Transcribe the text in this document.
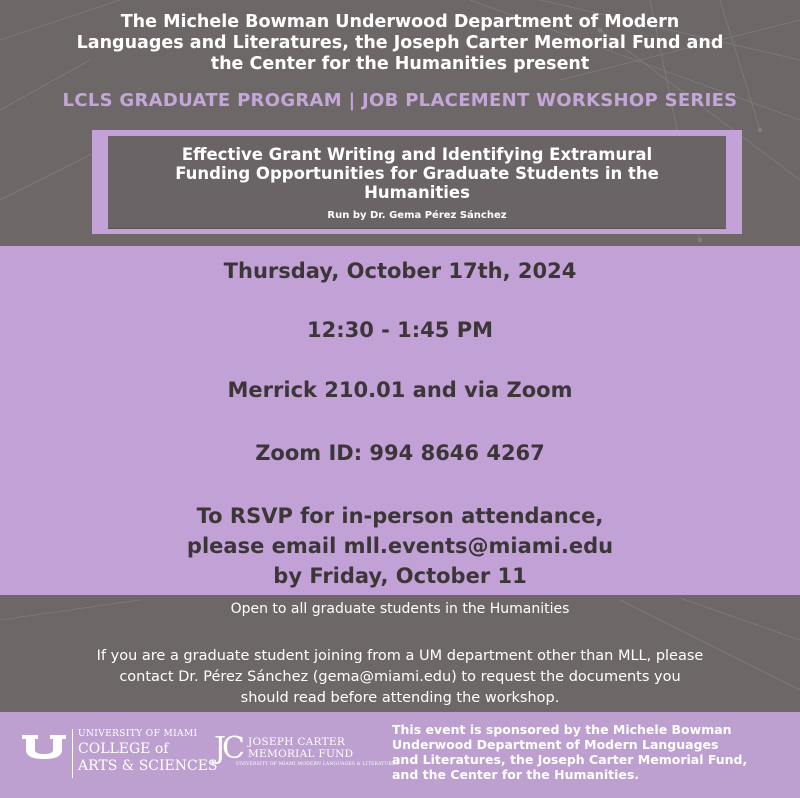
The Michele Bowman Underwood Department of Modern
Languages and Literatures, the Joseph Carter Memorial Fund and
the Center for the Humanities present
LCLS GRADUATE PROGRAM | JOB PLACEMENT WORKSHOP SERIES
Effective Grant Writing and Identifying Extramural
Funding Opportunities for Graduate Students in the
Humanities
Run by Dr. Gema Pérez Sánchez
Thursday, October 17th, 2024
12:30 - 1:45 PM
Merrick 210.01 and via Zoom
Zoom ID: 994 8646 4267
To RSVP for in-person attendance,
please email mll.events@miami.edu
by Friday, October 11
Open to all graduate students in the Humanities
If you are a graduate student joining from a UM department other than MLL, please
contact Dr. Pérez Sánchez (gema@miami.edu) to request the documents you
should read before attending the workshop.
UNIVERSITY OF MIAMI
COLLEGE of
ARTS & SCIENCES
JC JOSEPH CARTER
MEMORIAL FUND
UNIVERSITY OF MIAMI MODERN LANGUAGES & LITERATURES
This event is sponsored by the Michele Bowman
Underwood Department of Modern Languages
and Literatures, the Joseph Carter Memorial Fund,
and the Center for the Humanities.
